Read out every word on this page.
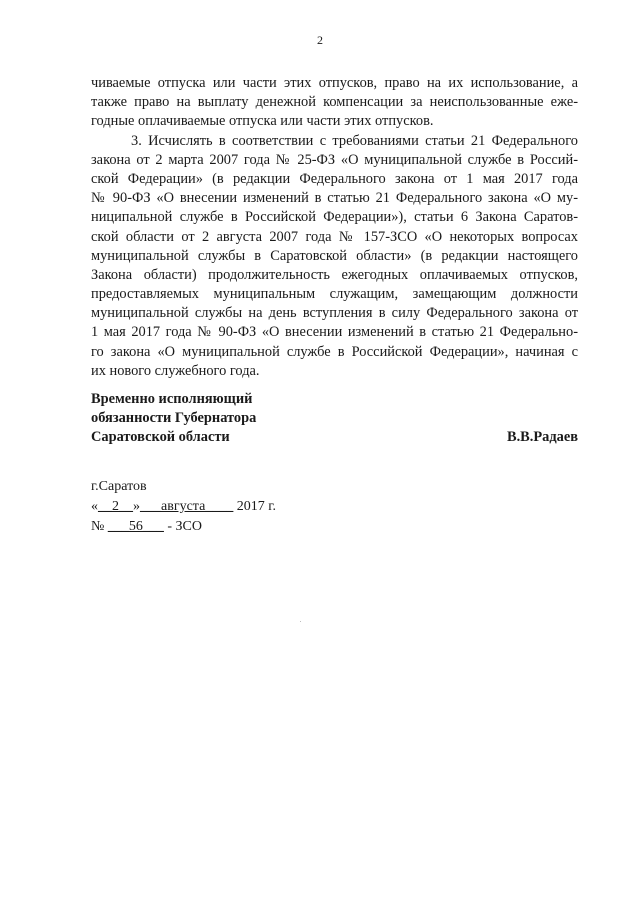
2
чиваемые отпуска или части этих отпусков, право на их использование, а
также право на выплату денежной компенсации за неиспользованные еже-
годные оплачиваемые отпуска или части этих отпусков.
3. Исчислять в соответствии с требованиями статьи 21 Федерального
закона от 2 марта 2007 года № 25-ФЗ «О муниципальной службе в Россий-
ской Федерации» (в редакции Федерального закона от 1 мая 2017 года
№ 90-ФЗ «О внесении изменений в статью 21 Федерального закона «О му-
ниципальной службе в Российской Федерации»), статьи 6 Закона Саратов-
ской области от 2 августа 2007 года № 157-ЗСО «О некоторых вопросах
муниципальной службы в Саратовской области» (в редакции настоящего
Закона области) продолжительность ежегодных оплачиваемых отпусков,
предоставляемых муниципальным служащим, замещающим должности
муниципальной службы на день вступления в силу Федерального закона от
1 мая 2017 года № 90-ФЗ «О внесении изменений в статью 21 Федерально-
го закона «О муниципальной службе в Российской Федерации», начиная с
их нового служебного года.
Временно исполняющий
обязанности Губернатора
Саратовской области	В.В.Радаев
г.Саратов
«__2__»___августа____ 2017 г.
№ ___56___ - ЗСО
